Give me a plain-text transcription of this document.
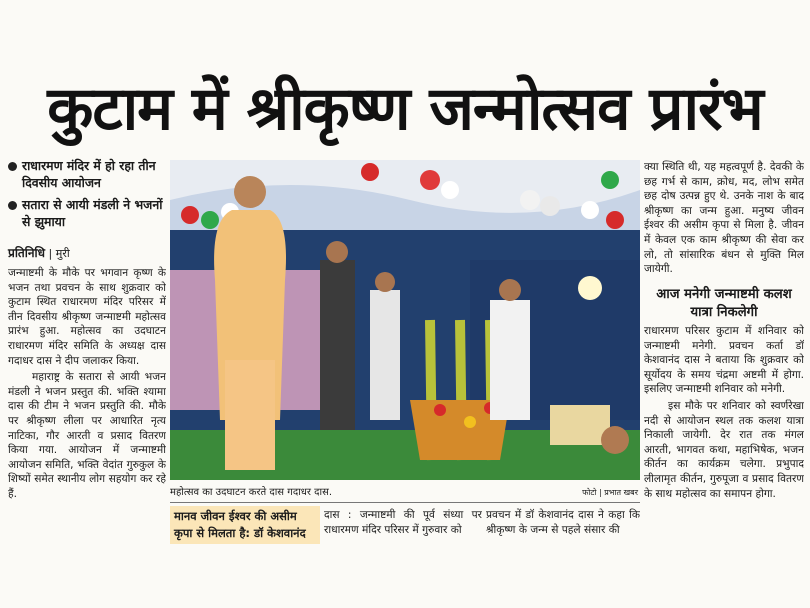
कुटाम में श्रीकृष्ण जन्मोत्सव प्रारंभ
राधारमण मंदिर में हो रहा तीन दिवसीय आयोजन
सतारा से आयी मंडली ने भजनों से झुमाया
प्रतिनिधि | मुरी

जन्माष्टमी के मौके पर भगवान कृष्ण के भजन तथा प्रवचन के साथ शुक्रवार को कुटाम स्थित राधारमण मंदिर परिसर में तीन दिवसीय श्रीकृष्ण जन्माष्टमी महोत्सव प्रारंभ हुआ. महोत्सव का उदघाटन राधारमण मंदिर समिति के अध्यक्ष दास गदाधर दास ने दीप जलाकर किया.

महाराष्ट्र के सतारा से आयी भजन मंडली ने भजन प्रस्तुत की. भक्ति श्यामा दास की टीम ने भजन प्रस्तुति की. मौके पर श्रीकृष्ण लीला पर आधारित नृत्य नाटिका, गौर आरती व प्रसाद वितरण किया गया. आयोजन में जन्माष्टमी आयोजन समिति, भक्ति वेदांत गुरुकुल के शिष्यों समेत स्थानीय लोग सहयोग कर रहे हैं.	महोत्सव का उदघाटन करते दास गदाधर दास.	फोटो | प्रभात खबर
मानव जीवन ईश्वर की असीम कृपा से मिलता है: डॉ केशवानंद

दास : जन्माष्टमी की पूर्व संध्या पर राधारमण मंदिर परिसर में गुरुवार को

प्रवचन में डॉ केशवानंद दास ने कहा कि श्रीकृष्ण के जन्म से पहले संसार की

क्या स्थिति थी, यह महत्वपूर्ण है. देवकी के छह गर्भ से काम, क्रोध, मद, लोभ समेत छह दोष उत्पन्न हुए थे. उनके नाश के बाद श्रीकृष्ण का जन्म हुआ. मनुष्य जीवन ईश्वर की असीम कृपा से मिला है. जीवन में केवल एक काम श्रीकृष्ण की सेवा कर लो, तो सांसारिक बंधन से मुक्ति मिल जायेगी.

आज मनेगी जन्माष्टमी कलश यात्रा निकलेगी

राधारमण परिसर कुटाम में शनिवार को जन्माष्टमी मनेगी. प्रवचन कर्ता डॉ केशवानंद दास ने बताया कि शुक्रवार को सूर्योदय के समय चंद्रमा अष्टमी में होगा. इसलिए जन्माष्टमी शनिवार को मनेगी.

इस मौके पर शनिवार को स्वर्णरेखा नदी से आयोजन स्थल तक कलश यात्रा निकाली जायेगी. देर रात तक मंगल आरती, भागवत कथा, महाभिषेक, भजन कीर्तन का कार्यक्रम चलेगा. प्रभुपाद लीलामृत कीर्तन, गुरुपूजा व प्रसाद वितरण के साथ महोत्सव का समापन होगा.
